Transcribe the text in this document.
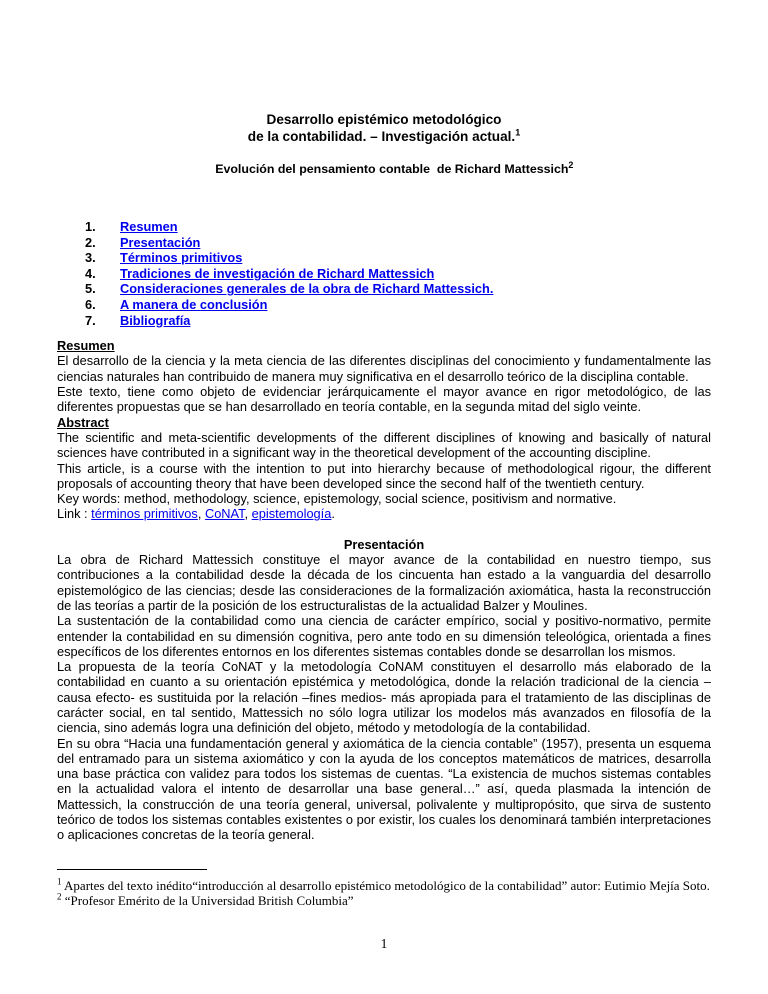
Desarrollo epistémico metodológico
de la contabilidad. – Investigación actual.$^1$

Evolución del pensamiento contable  de Richard Mattessich$^2$

1. Resumen
2. Presentación
3. Términos primitivos
4. Tradiciones de investigación de Richard Mattessich
5. Consideraciones generales de la obra de Richard Mattessich.
6. A manera de conclusión
7. Bibliografía
Resumen

El desarrollo de la ciencia y la meta ciencia de las diferentes disciplinas del conocimiento y fundamentalmente las ciencias naturales han contribuido de manera muy significativa en el desarrollo teórico de la disciplina contable.

Este texto, tiene como objeto de evidenciar jerárquicamente el mayor avance en rigor metodológico, de las diferentes propuestas que se han desarrollado en teoría contable, en la segunda mitad del siglo veinte.

Abstract

The scientific and meta-scientific developments of the different disciplines of knowing and basically of natural sciences have contributed in a significant way in the theoretical development of the accounting discipline.

This article, is a course with the intention to put into hierarchy because of methodological rigour, the different proposals of accounting theory that have been developed since the second half of the twentieth century.

Key words: method, methodology, science, epistemology, social science, positivism and normative.

Link : términos primitivos, CoNAT, epistemología.

Presentación

La obra de Richard Mattessich constituye el mayor avance de la contabilidad en nuestro tiempo, sus contribuciones a la contabilidad desde la década de los cincuenta han estado a la vanguardia del desarrollo epistemológico de las ciencias; desde las consideraciones de la formalización axiomática, hasta la reconstrucción de las teorías a partir de la posición de los estructuralistas de la actualidad Balzer y Moulines.

La sustentación de la contabilidad como una ciencia de carácter empírico, social y positivo-normativo, permite entender la contabilidad en su dimensión cognitiva, pero ante todo en su dimensión teleológica, orientada a fines específicos de los diferentes entornos en los diferentes sistemas contables donde se desarrollan los mismos.

La propuesta de la teoría CoNAT y la metodología CoNAM constituyen el desarrollo más elaborado de la contabilidad en cuanto a su orientación epistémica y metodológica, donde la relación tradicional de la ciencia –causa efecto- es sustituida por la relación –fines medios- más apropiada para el tratamiento de las disciplinas de carácter social, en tal sentido, Mattessich no sólo logra utilizar los modelos más avanzados en filosofía de la ciencia, sino además logra una definición del objeto, método y metodología de la contabilidad.

En su obra “Hacia una fundamentación general y axiomática de la ciencia contable” (1957), presenta un esquema del entramado para un sistema axiomático y con la ayuda de los conceptos matemáticos de matrices, desarrolla una base práctica con validez para todos los sistemas de cuentas. “La existencia de muchos sistemas contables en la actualidad valora el intento de desarrollar una base general…” así, queda plasmada la intención de Mattessich, la construcción de una teoría general, universal, polivalente y multipropósito, que sirva de sustento teórico de todos los sistemas contables existentes o por existir, los cuales los denominará también interpretaciones o aplicaciones concretas de la teoría general.

$^1$ Apartes del texto inédito“introducción al desarrollo epistémico metodológico de la contabilidad” autor: Eutimio Mejía Soto.

$^2$ “Profesor Emérito de la Universidad British Columbia”

1
